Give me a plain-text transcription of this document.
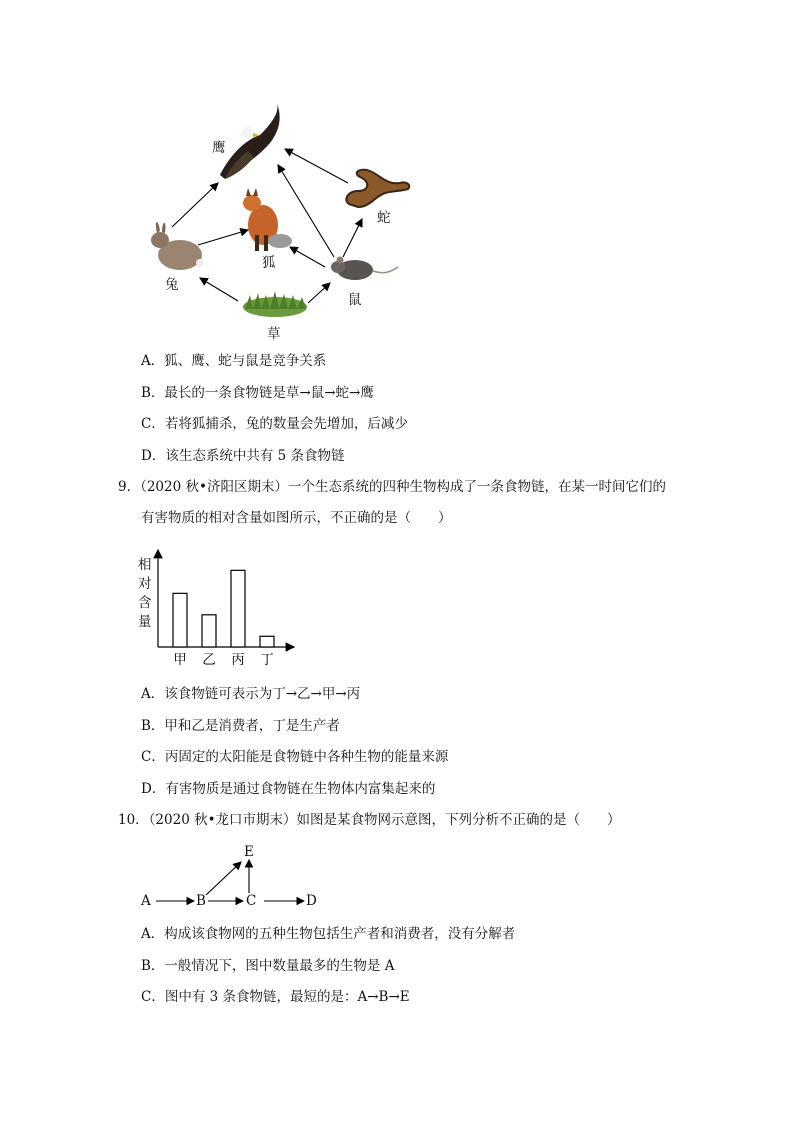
鹰
蛇
狐
兔
鼠
草
A．狐、鹰、蛇与鼠是竞争关系
B．最长的一条食物链是草→鼠→蛇→鹰
C．若将狐捕杀，兔的数量会先增加，后减少
D．该生态系统中共有 5 条食物链
9．（2020 秋•济阳区期末）一个生态系统的四种生物构成了一条食物链，在某一时间它们的
有害物质的相对含量如图所示，不正确的是（　　）
甲 乙 丙 丁
相对含量
A．该食物链可表示为丁→乙→甲→丙
B．甲和乙是消费者，丁是生产者
C．丙固定的太阳能是食物链中各种生物的能量来源
D．有害物质是通过食物链在生物体内富集起来的
10．（2020 秋•龙口市期末）如图是某食物网示意图，下列分析不正确的是（　　）
A	B	C	D
E
A．构成该食物网的五种生物包括生产者和消费者，没有分解者
B．一般情况下，图中数量最多的生物是 A
C．图中有 3 条食物链，最短的是：A→B→E
